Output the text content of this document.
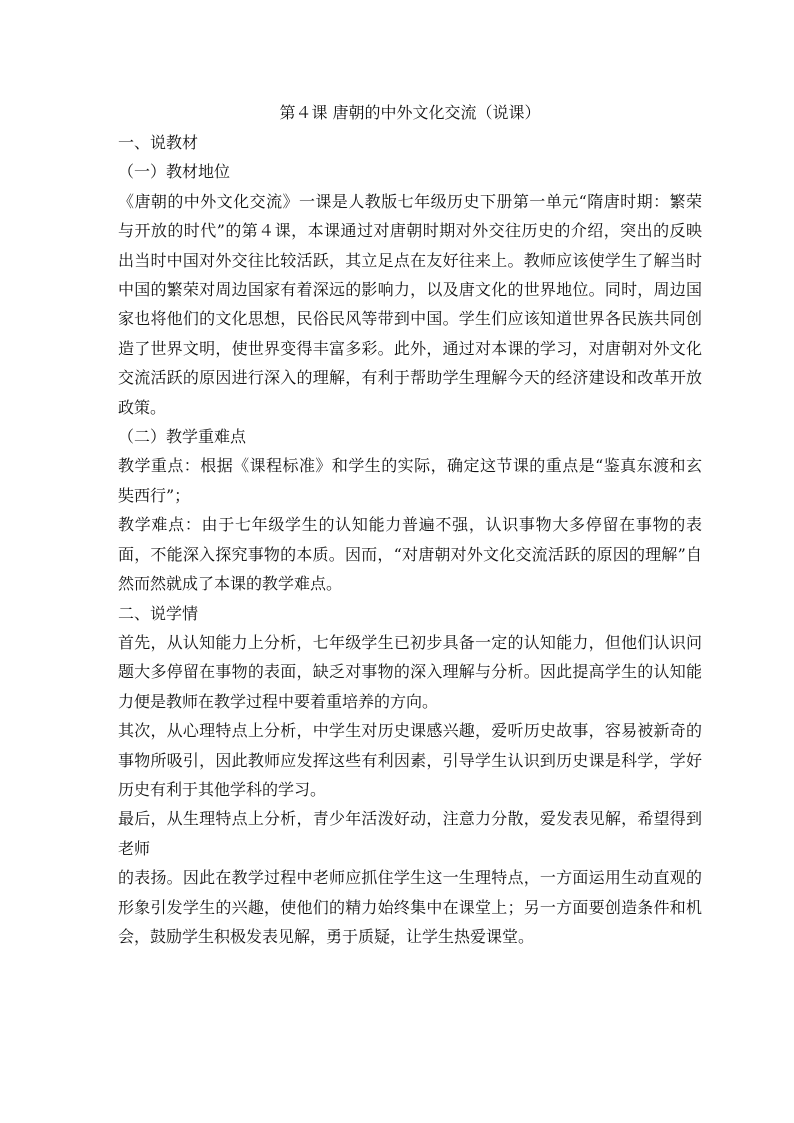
第４课 唐朝的中外文化交流（说课）
一、说教材
（一）教材地位

《唐朝的中外文化交流》一课是人教版七年级历史下册第一单元“隋唐时期：繁荣与开放的时代”的第４课，本课通过对唐朝时期对外交往历史的介绍，突出的反映出当时中国对外交往比较活跃，其立足点在友好往来上。教师应该使学生了解当时中国的繁荣对周边国家有着深远的影响力，以及唐文化的世界地位。同时，周边国家也将他们的文化思想，民俗民风等带到中国。学生们应该知道世界各民族共同创造了世界文明，使世界变得丰富多彩。此外，通过对本课的学习，对唐朝对外文化交流活跃的原因进行深入的理解，有利于帮助学生理解今天的经济建设和改革开放政策。

（二）教学重难点

教学重点：根据《课程标准》和学生的实际，确定这节课的重点是“鉴真东渡和玄奘西行”；

教学难点：由于七年级学生的认知能力普遍不强，认识事物大多停留在事物的表面，不能深入探究事物的本质。因而，“对唐朝对外文化交流活跃的原因的理解”自然而然就成了本课的教学难点。

二、说学情

首先，从认知能力上分析，七年级学生已初步具备一定的认知能力，但他们认识问题大多停留在事物的表面，缺乏对事物的深入理解与分析。因此提高学生的认知能力便是教师在教学过程中要着重培养的方向。

其次，从心理特点上分析，中学生对历史课感兴趣，爱听历史故事，容易被新奇的事物所吸引，因此教师应发挥这些有利因素，引导学生认识到历史课是科学，学好历史有利于其他学科的学习。

最后，从生理特点上分析，青少年活泼好动，注意力分散，爱发表见解，希望得到老师

的表扬。因此在教学过程中老师应抓住学生这一生理特点，一方面运用生动直观的形象引发学生的兴趣，使他们的精力始终集中在课堂上；另一方面要创造条件和机会，鼓励学生积极发表见解，勇于质疑，让学生热爱课堂。
